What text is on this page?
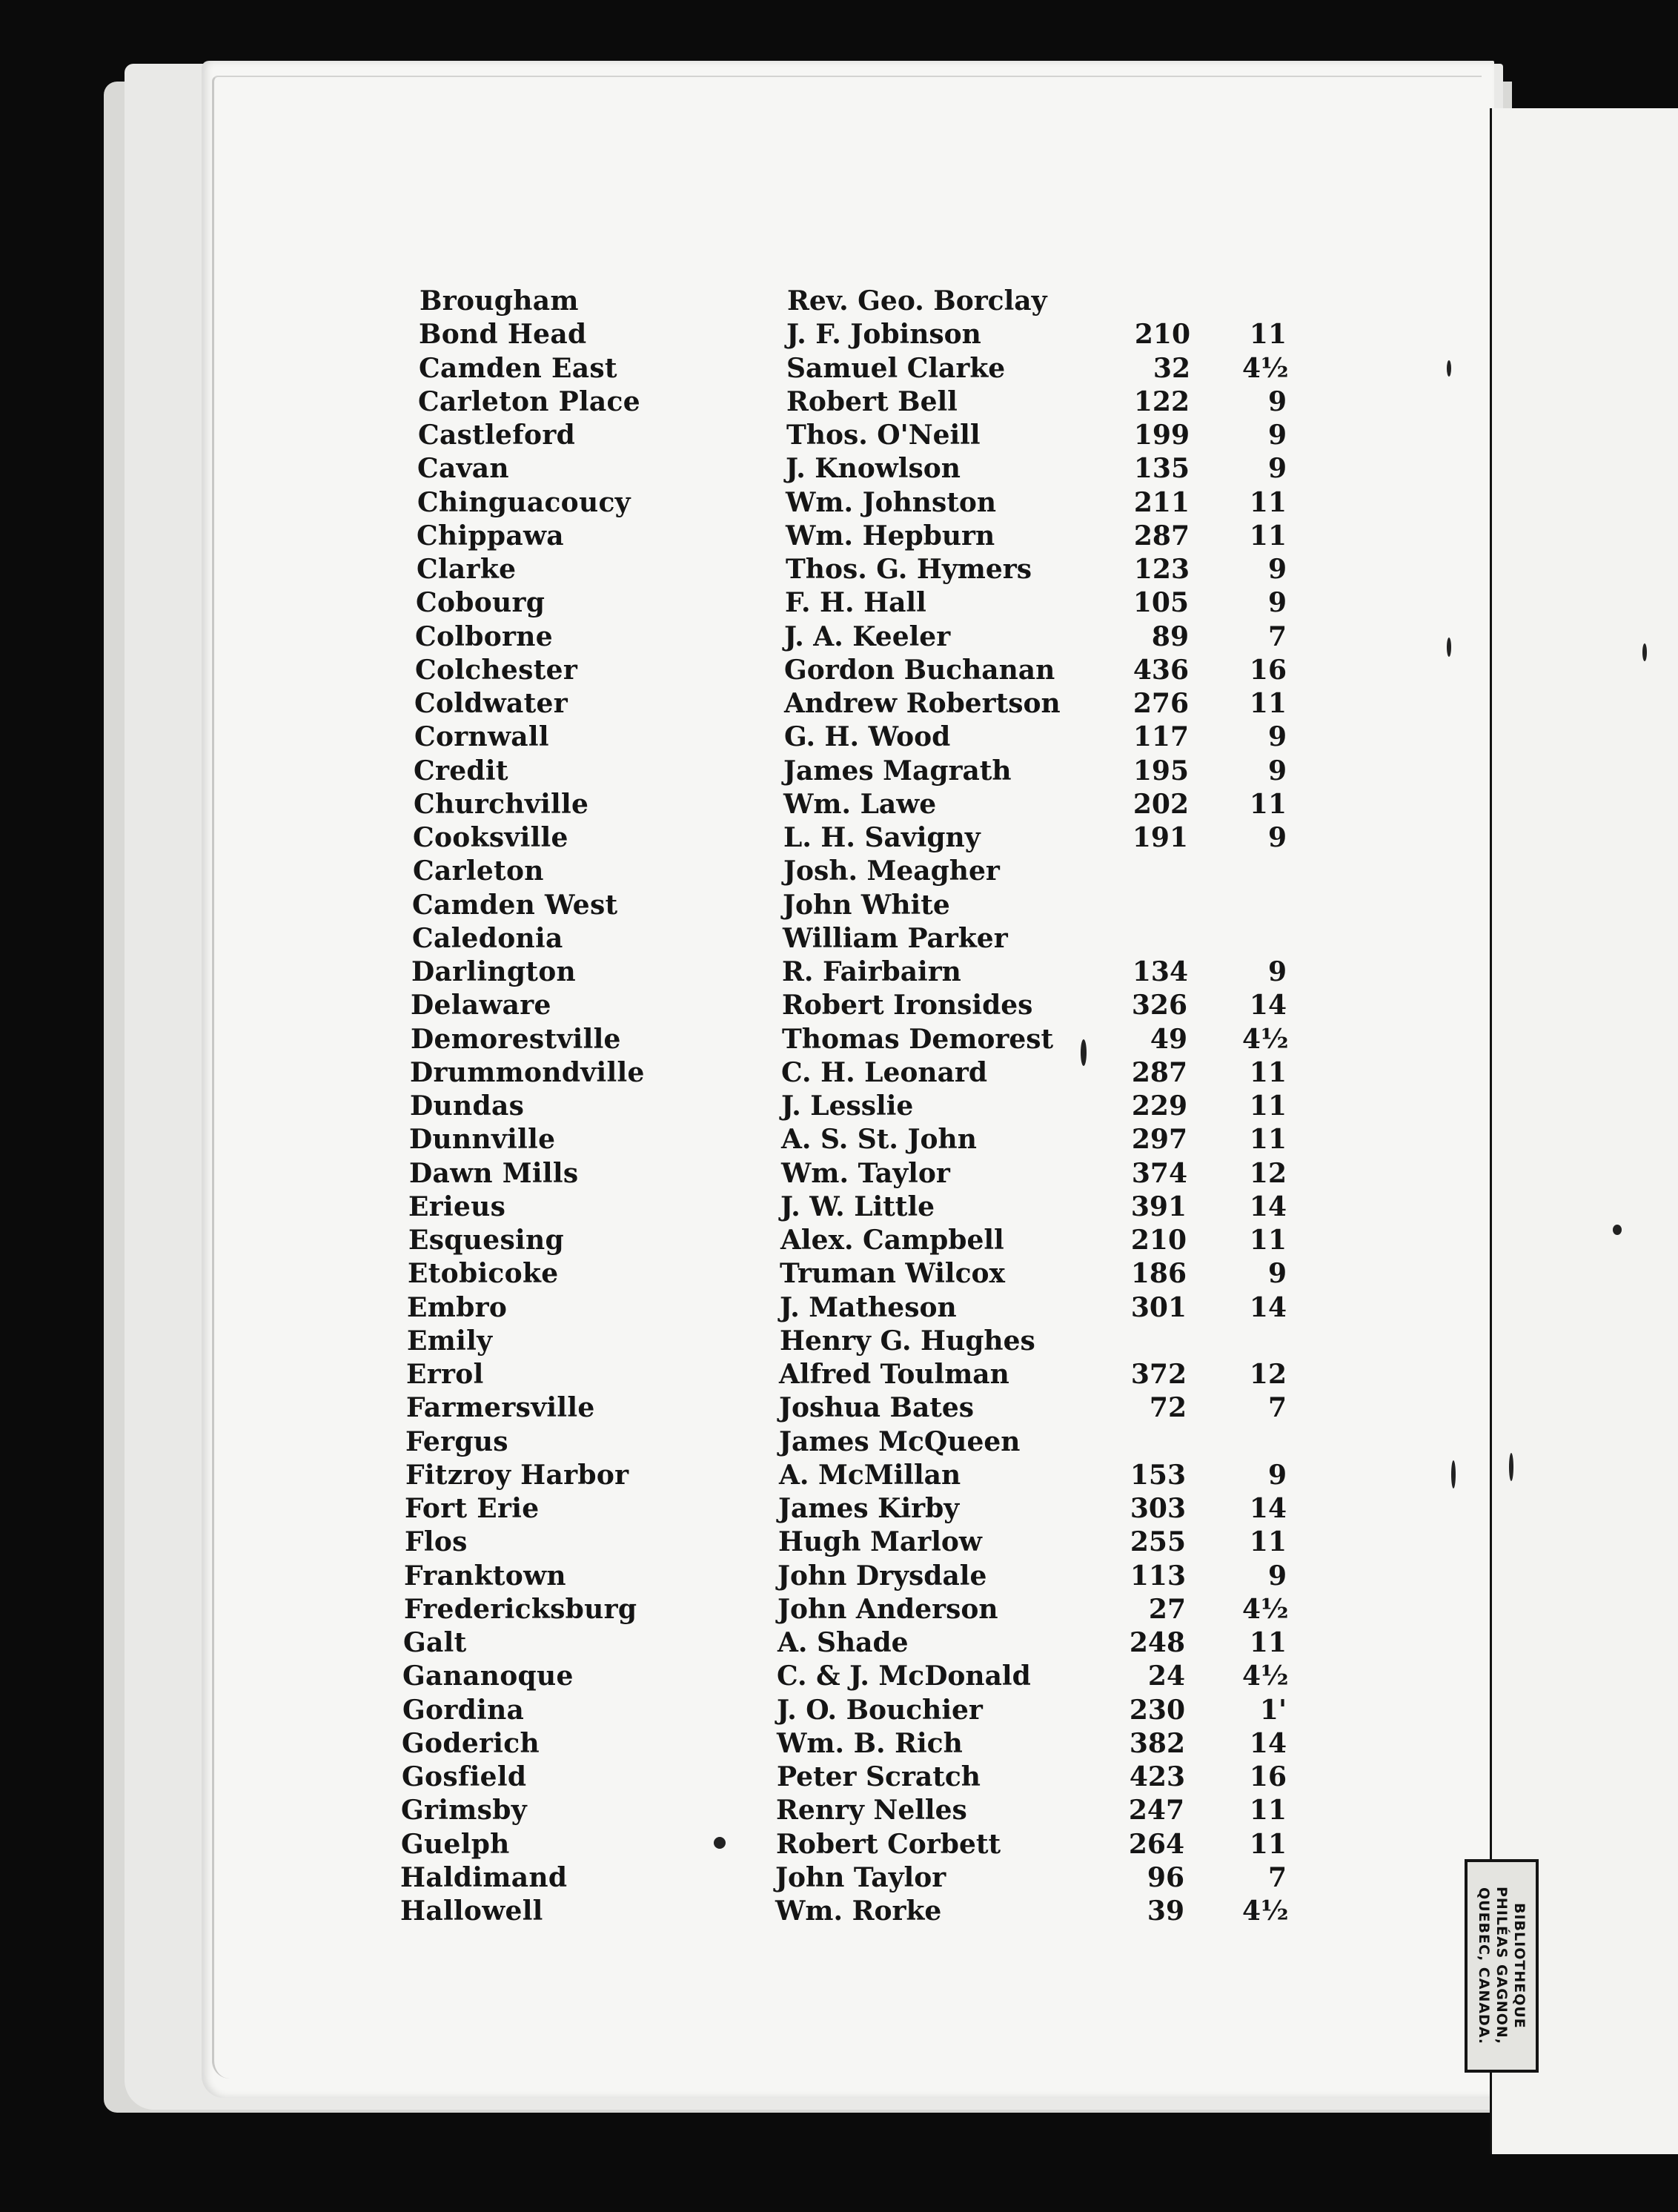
BIBLIOTHEQUE
PHILÉAS GAGNON,
QUEBEC, CANADA.
Brougham	Rev. Geo. Borclay
Bond Head	J. F. Jobinson	210 11
Camden East	Samuel Clarke	32 4½
Carleton Place	Robert Bell	122	9
Castleford	Thos. O'Neill	199	9
Cavan	J. Knowlson	135	9
Chinguacoucy	Wm. Johnston	211 11
Chippawa	Wm. Hepburn	287 11
Clarke	Thos. G. Hymers	123	9
Cobourg	F. H. Hall	105	9
Colborne	J. A. Keeler	89	7
Colchester	Gordon Buchanan	436 16
Coldwater	Andrew Robertson	276 11
Cornwall	G. H. Wood	117	9
Credit	James Magrath	195	9
Churchville	Wm. Lawe	202 11
Cooksville	L. H. Savigny	191	9
Carleton	Josh. Meagher
Camden West	John White
Caledonia	William Parker
Darlington	R. Fairbairn	134	9
Delaware	Robert Ironsides	326 14
Demorestville	Thomas Demorest	49 4½
Drummondville	C. H. Leonard	287 11
Dundas	J. Lesslie	229 11
Dunnville	A. S. St. John	297 11
Dawn Mills	Wm. Taylor	374 12
Erieus	J. W. Little	391 14
Esquesing	Alex. Campbell	210 11
Etobicoke	Truman Wilcox	186	9
Embro	J. Matheson	301 14
Emily	Henry G. Hughes
Errol	Alfred Toulman	372 12
Farmersville	Joshua Bates	72	7
Fergus	James McQueen
Fitzroy Harbor	A. McMillan	153	9
Fort Erie	James Kirby	303 14
Flos	Hugh Marlow	255 11
Franktown	John Drysdale	113	9
Fredericksburg	John Anderson	27 4½
Galt	A. Shade	248 11
Gananoque	C. & J. McDonald	24 4½
Gordina	J. O. Bouchier	230	1'
Goderich	Wm. B. Rich	382 14
Gosfield	Peter Scratch	423 16
Grimsby	Renry Nelles	247 11
Guelph	Robert Corbett	264 11
Haldimand	John Taylor	96	7
Hallowell	Wm. Rorke	39 4½
